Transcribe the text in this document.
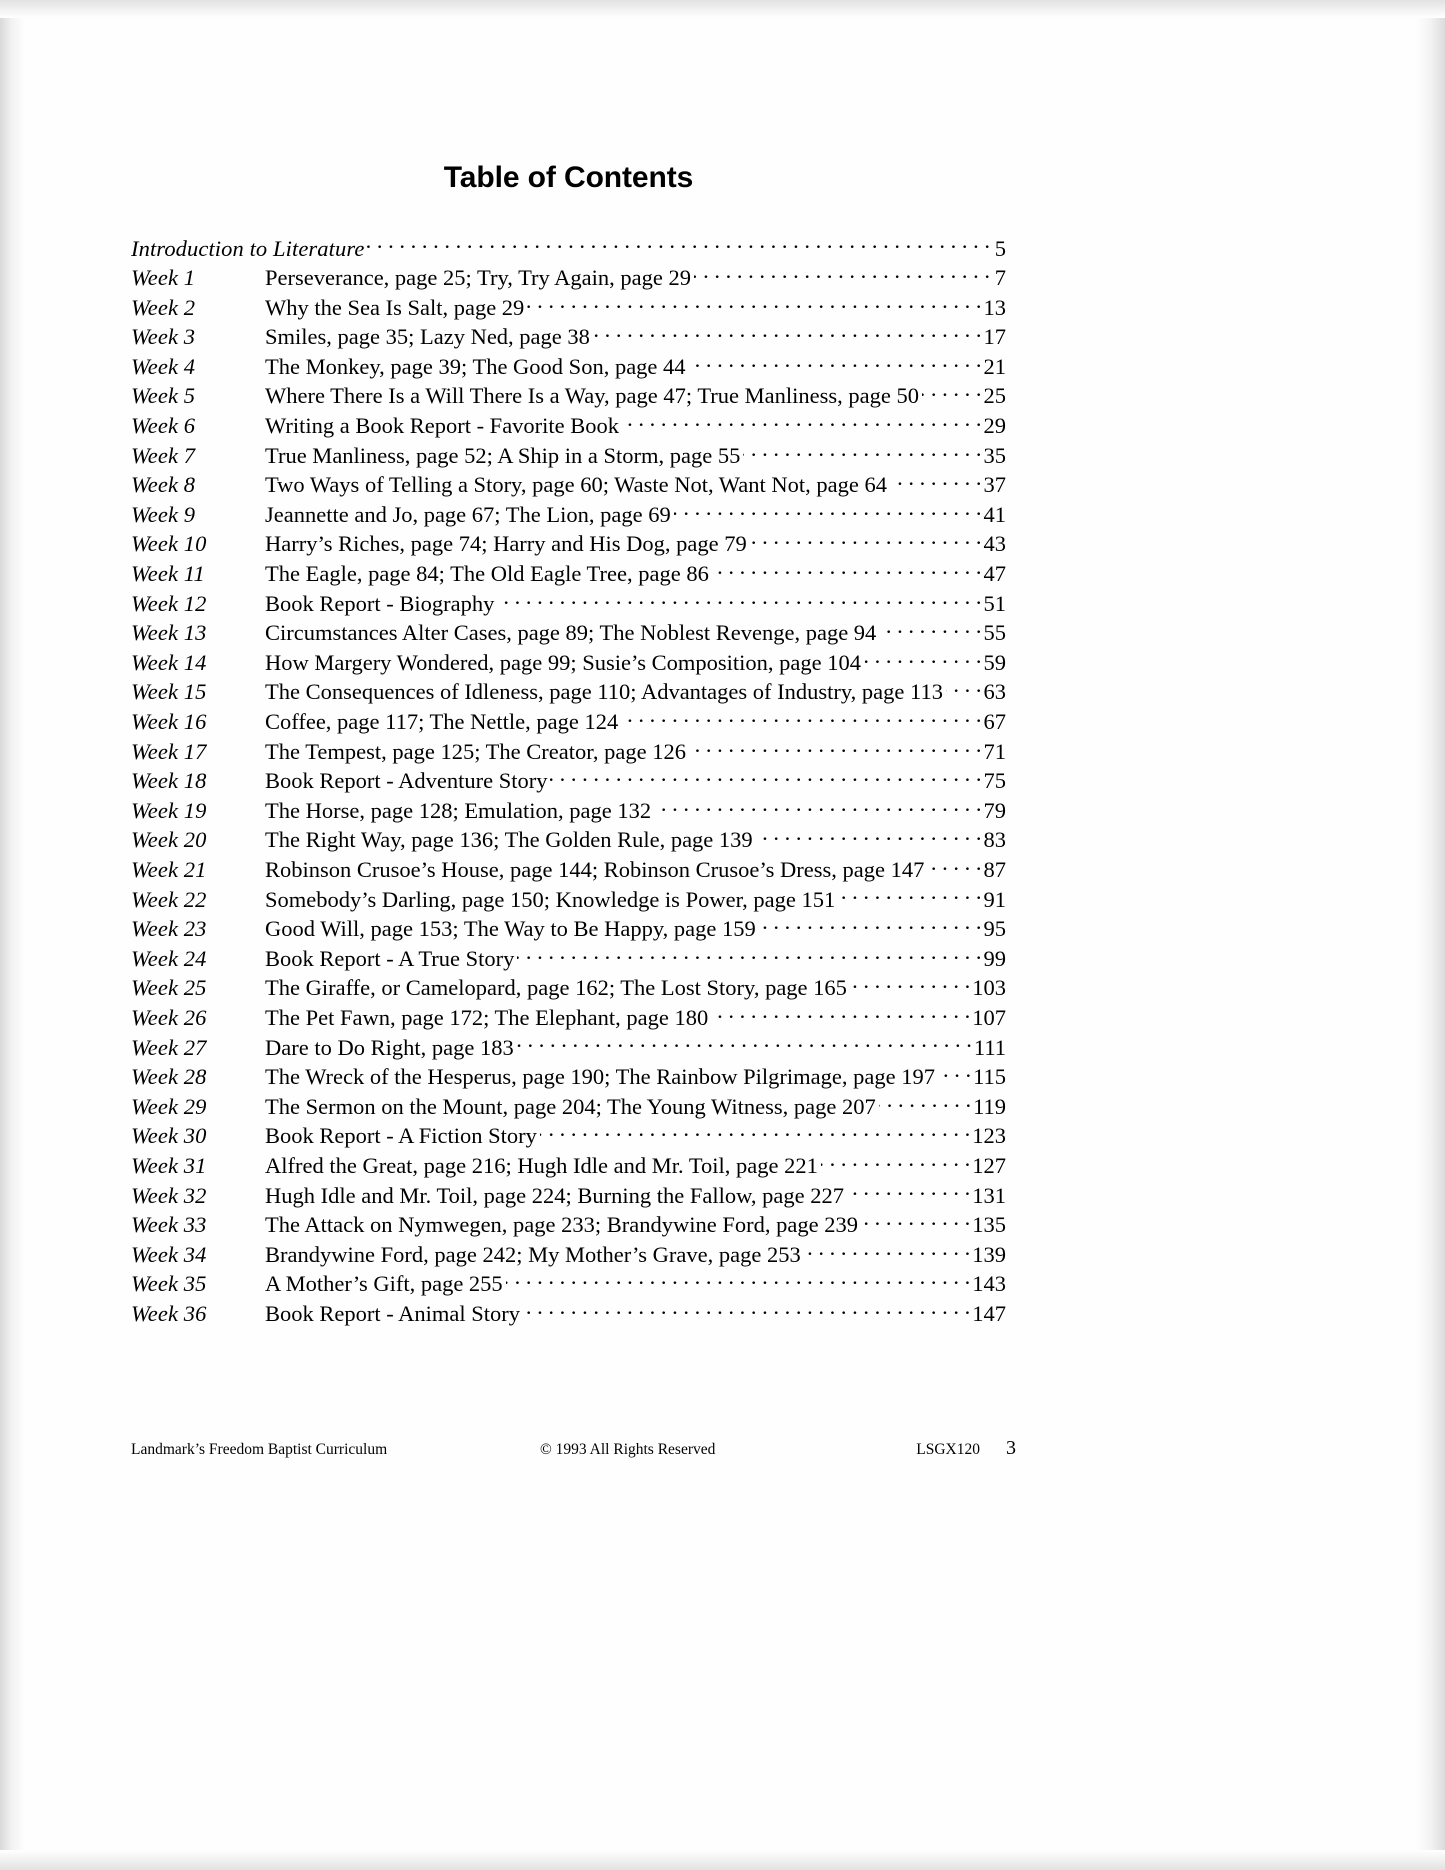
Table of Contents
Introduction to Literature . . .	5
Week 1	Perseverance, page 25; Try, Try Again, page 29 . . .	7
Week 2	Why the Sea Is Salt, page 29 . . .	13
Week 3	Smiles, page 35; Lazy Ned, page 38 . . .	17
Week 4	The Monkey, page 39; The Good Son, page 44 . . .	21
Week 5	Where There Is a Will There Is a Way, page 47; True Manliness, page 50 . . .	25
Week 6	Writing a Book Report - Favorite Book . . .	29
Week 7	True Manliness, page 52; A Ship in a Storm, page 55 . . .	35
Week 8	Two Ways of Telling a Story, page 60; Waste Not, Want Not, page 64 . . .	37
Week 9	Jeannette and Jo, page 67; The Lion, page 69 . . .	41
Week 10	Harry’s Riches, page 74; Harry and His Dog, page 79 . . .	43
Week 11	The Eagle, page 84; The Old Eagle Tree, page 86 . . .	47
Week 12	Book Report - Biography . . .	51
Week 13	Circumstances Alter Cases, page 89; The Noblest Revenge, page 94 . . .	55
Week 14	How Margery Wondered, page 99; Susie’s Composition, page 104 . . .	59
Week 15	The Consequences of Idleness, page 110; Advantages of Industry, page 113 . . . 63
Week 16	Coffee, page 117; The Nettle, page 124 . . .	67
Week 17	The Tempest, page 125; The Creator, page 126 . . .	71
Week 18	Book Report - Adventure Story . . .	75
Week 19	The Horse, page 128; Emulation, page 132 . . .	79
Week 20	The Right Way, page 136; The Golden Rule, page 139 . . .	83
Week 21	Robinson Crusoe’s House, page 144; Robinson Crusoe’s Dress, page 147 . . .	87
Week 22	Somebody’s Darling, page 150; Knowledge is Power, page 151 . . .	91
Week 23	Good Will, page 153; The Way to Be Happy, page 159 . . .	95
Week 24	Book Report - A True Story . . .	99
Week 25	The Giraffe, or Camelopard, page 162; The Lost Story, page 165 . . .	103
Week 26	The Pet Fawn, page 172; The Elephant, page 180 . . .	107
Week 27	Dare to Do Right, page 183 . . .	111
Week 28	The Wreck of the Hesperus, page 190; The Rainbow Pilgrimage, page 197 . . . 115
Week 29	The Sermon on the Mount, page 204; The Young Witness, page 207 . . .	119
Week 30	Book Report - A Fiction Story . . .	123
Week 31	Alfred the Great, page 216; Hugh Idle and Mr. Toil, page 221 . . .	127
Week 32	Hugh Idle and Mr. Toil, page 224; Burning the Fallow, page 227 . . .	131
Week 33	The Attack on Nymwegen, page 233; Brandywine Ford, page 239 . . .	135
Week 34	Brandywine Ford, page 242; My Mother’s Grave, page 253 . . .	139
Week 35	A Mother’s Gift, page 255 . . .	143
Week 36	Book Report - Animal Story . . .	147
Landmark’s Freedom Baptist Curriculum	© 1993 All Rights Reserved	LSGX120	3
